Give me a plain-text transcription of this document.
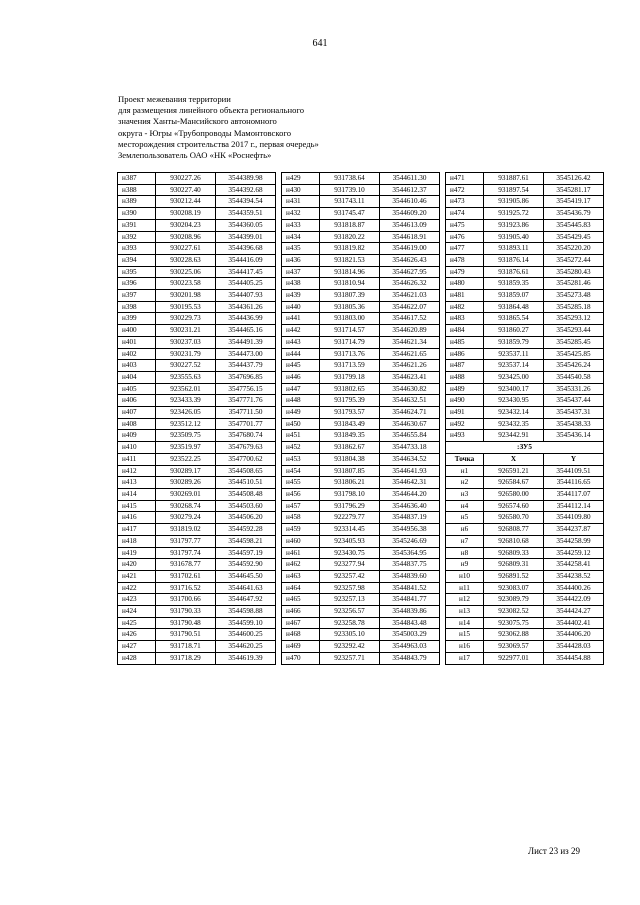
641
Проект межевания территории
для размещения линейного объекта регионального
значения Ханты-Мансийского автономного
округа - Югры «Трубопроводы Мамонтовского
месторождения строительства 2017 г., первая очередь»
Землепользователь ОАО «НК «Роснефть»
н387	930227.26	3544389.98
н388	930227.40	3544392.68
н389	930212.44	3544394.54
н390	930208.19	3544359.51
н391	930204.23	3544360.05
н392	930208.96	3544399.01
н393	930227.61	3544396.68
н394	930228.63	3544416.09
н395	930225.06	3544417.45
н396	930223.58	3544405.25
н397	930201.98	3544407.93
н398	930195.53	3544361.26
н399	930229.73	3544436.99
н400	930231.21	3544465.16
н401	930237.03	3544491.39
н402	930231.79	3544473.00
н403	930227.52	3544437.79
н404	923555.63	3547696.85
н405	923562.01	3547756.15
н406	923433.39	3547771.76
н407	923426.05	3547711.50
н408	923512.12	3547701.77
н409	923509.75	3547680.74
н410	923519.97	3547679.63
н411	923522.25	3547700.62
н412	930289.17	3544508.65
н413	930289.26	3544510.51
н414	930269.01	3544508.48
н415	930268.74	3544503.60
н416	930279.24	3544506.20
н417	931819.02	3544592.28
н418	931797.77	3544598.21
н419	931797.74	3544597.19
н420	931678.77	3544592.90
н421	931702.61	3544645.50
н422	931716.52	3544641.63
н423	931700.66	3544647.92
н424	931790.33	3544598.88
н425	931790.48	3544599.10
н426	931790.51	3544600.25
н427	931718.71	3544620.25
н428	931718.29	3544619.39
н429	931738.64	3544611.30
н430	931739.10	3544612.37
н431	931743.11	3544610.46
н432	931745.47	3544609.20
н433	931818.87	3544613.09
н434	931820.22	3544618.91
н435	931819.82	3544619.00
н436	931821.53	3544626.43
н437	931814.96	3544627.95
н438	931810.94	3544626.32
н439	931807.39	3544621.03
н440	931805.36	3544622.07
н441	931803.00	3544617.52
н442	931714.57	3544620.89
н443	931714.79	3544621.34
н444	931713.76	3544621.65
н445	931713.59	3544621.26
н446	931799.18	3544623.41
н447	931802.65	3544630.82
н448	931795.39	3544632.51
н449	931793.57	3544624.71
н450	931843.49	3544630.67
н451	931849.35	3544655.84
н452	931862.67	3544733.18
н453	931804.38	3544634.52
н454	931807.85	3544641.93
н455	931806.21	3544642.31
н456	931798.10	3544644.20
н457	931796.29	3544636.40
н458	922279.77	3544837.19
н459	923314.45	3544956.38
н460	923405.93	3545246.69
н461	923430.75	3545364.95
н462	923277.94	3544837.75
н463	923257.42	3544839.60
н464	923257.98	3544841.52
н465	923257.13	3544841.77
н466	923256.57	3544839.86
н467	923258.78	3544843.48
н468	923305.10	3545003.29
н469	923292.42	3544963.03
н470	923257.71	3544843.79
н471	931887.61	3545126.42
н472	931897.54	3545281.17
н473	931905.86	3545419.17
н474	931925.72	3545436.79
н475	931923.86	3545445.83
н476	931905.40	3545429.45
н477	931893.11	3545220.20
н478	931876.14	3545272.44
н479	931876.61	3545280.43
н480	931859.35	3545281.46
н481	931859.07	3545273.48
н482	931864.48	3545285.18
н483	931865.54	3545293.12
н484	931860.27	3545293.44
н485	931859.79	3545285.45
н486	923537.11	3545425.85
н487	923537.14	3545426.24
н488	923425.00	3544540.58
н489	923400.17	3545331.26
н490	923430.95	3545437.44
н491	923432.14	3545437.31
н492	923432.35	3545438.33
н493	923442.91	3545436.14
:ЗУ5		
Точка	X	Y
н1	926591.21	3544109.51
н2	926584.67	3544116.65
н3	926580.00	3544117.07
н4	926574.60	3544112.14
н5	926580.70	3544109.80
н6	926808.77	3544237.87
н7	926810.68	3544258.99
н8	926809.33	3544259.12
н9	926809.31	3544258.41
н10	926891.52	3544238.52
н11	923083.07	3544400.26
н12	923089.79	3544422.09
н13	923082.52	3544424.27
н14	923075.75	3544402.41
н15	923062.88	3544406.20
н16	923069.57	3544428.03
н17	922977.01	3544454.88
Лист 23 из 29
